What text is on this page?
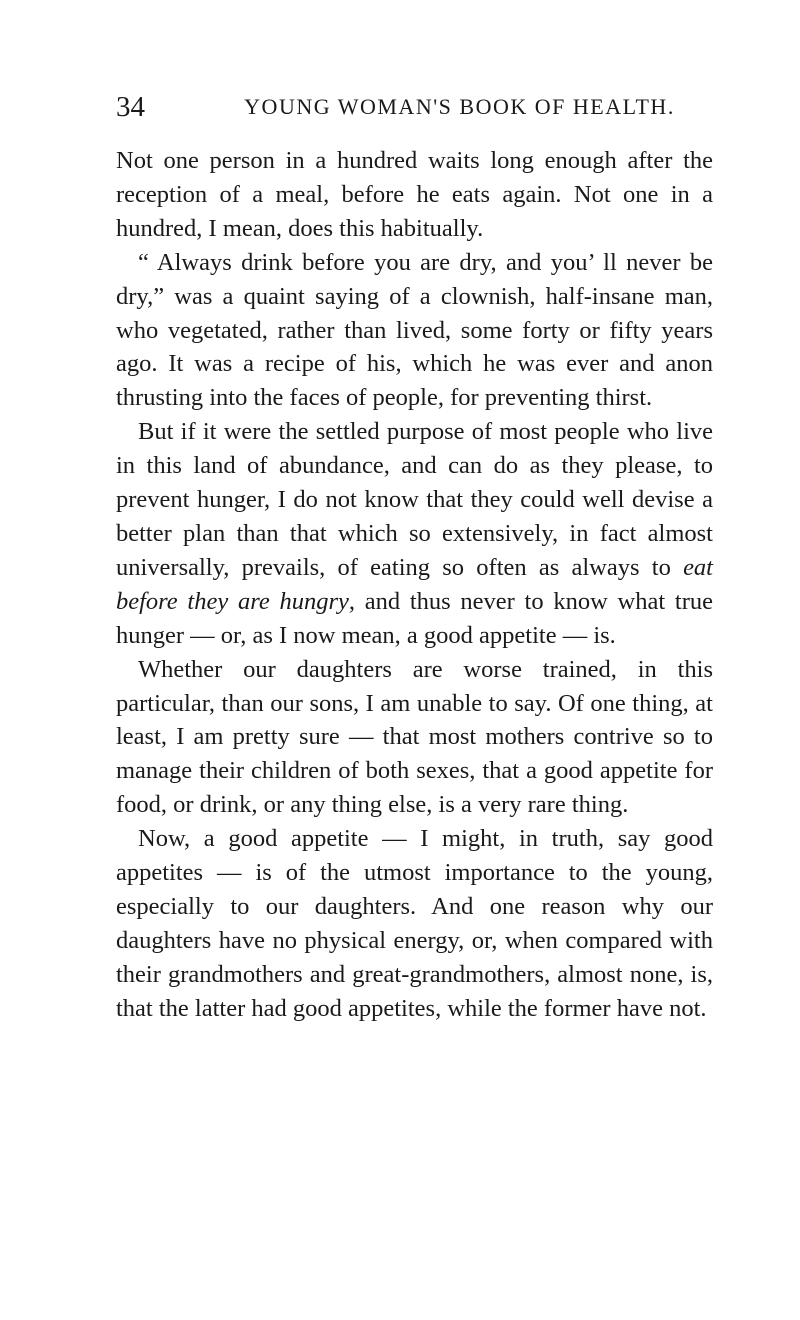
34	YOUNG WOMAN'S BOOK OF HEALTH.

Not one person in a hundred waits long enough after the reception of a meal, before he eats again. Not one in a hundred, I mean, does this habitually.

“ Always drink before you are dry, and you’ ll never be dry,” was a quaint saying of a clownish, half-insane man, who vegetated, rather than lived, some forty or fifty years ago. It was a recipe of his, which he was ever and anon thrusting into the faces of people, for preventing thirst.

But if it were the settled purpose of most people who live in this land of abundance, and can do as they please, to prevent hunger, I do not know that they could well devise a better plan than that which so extensively, in fact almost universally, prevails, of eating so often as always to eat before they are hungry, and thus never to know what true hunger — or, as I now mean, a good appetite — is.

Whether our daughters are worse trained, in this particular, than our sons, I am unable to say. Of one thing, at least, I am pretty sure — that most mothers contrive so to manage their children of both sexes, that a good appetite for food, or drink, or any thing else, is a very rare thing.

Now, a good appetite — I might, in truth, say good appetites — is of the utmost importance to the young, especially to our daughters. And one reason why our daughters have no physical energy, or, when compared with their grandmothers and great-grandmothers, almost none, is, that the latter had good appetites, while the former have not.
